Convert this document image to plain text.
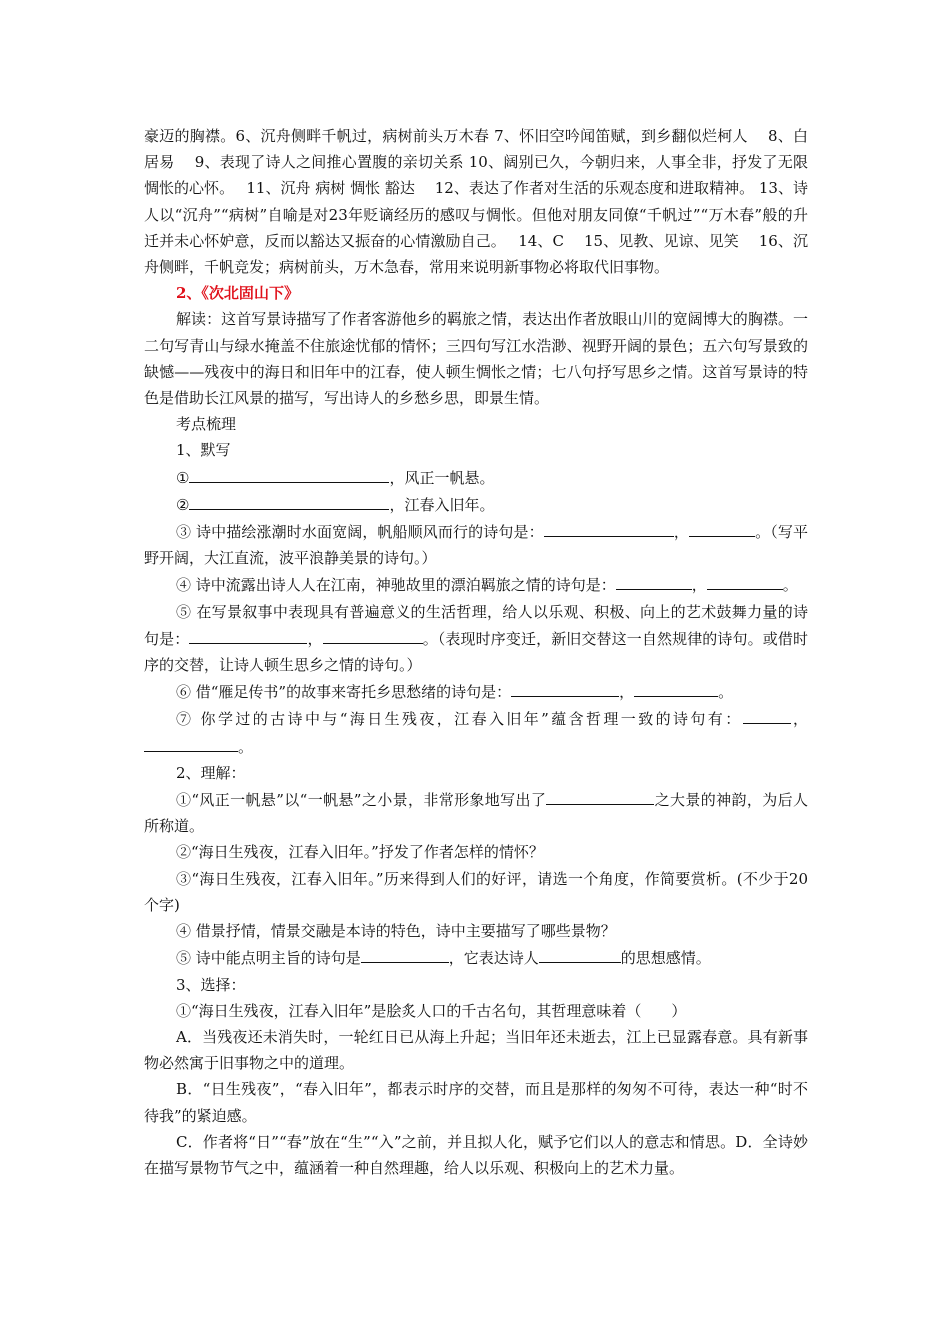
豪迈的胸襟。6、沉舟侧畔千帆过，病树前头万木春 7、怀旧空吟闻笛赋，到乡翻似烂柯人　 8、白居易　 9、表现了诗人之间推心置腹的亲切关系 10、阔别已久，今朝归来，人事全非，抒发了无限惆怅的心怀。　 11、沉舟 病树 惆怅 豁达　 12、表达了作者对生活的乐观态度和进取精神。 13、诗人以“沉舟”“病树”自喻是对23年贬谪经历的感叹与惆怅。但他对朋友同僚“千帆过”“万木春”般的升迁并未心怀妒意，反而以豁达又振奋的心情激励自己。　 14、C　 15、见教、见谅、见笑　 16、沉舟侧畔，千帆竞发；病树前头，万木急春，常用来说明新事物必将取代旧事物。

2、《次北固山下》

解读：这首写景诗描写了作者客游他乡的羁旅之情，表达出作者放眼山川的宽阔博大的胸襟。一二句写青山与绿水掩盖不住旅途忧郁的情怀；三四句写江水浩渺、视野开阔的景色；五六句写景致的缺憾——残夜中的海日和旧年中的江春，使人顿生惆怅之情；七八句抒写思乡之情。这首写景诗的特色是借助长江风景的描写，写出诗人的乡愁乡思，即景生情。

考点梳理

1、默写

①	，风正一帆悬。

②	，江春入旧年。

③ 诗中描绘涨潮时水面宽阔，帆船顺风而行的诗句是：	，	。（写平野开阔，大江直流，波平浪静美景的诗句。）

④ 诗中流露出诗人人在江南，神驰故里的漂泊羁旅之情的诗句是：	，	。

⑤ 在写景叙事中表现具有普遍意义的生活哲理，给人以乐观、积极、向上的艺术鼓舞力量的诗句是：	，	。（表现时序变迁，新旧交替这一自然规律的诗句。或借时序的交替，让诗人顿生思乡之情的诗句。）

⑥ 借“雁足传书”的故事来寄托乡思愁绪的诗句是：	，	。

⑦ 你学过的古诗中与“海日生残夜，江春入旧年”蕴含哲理一致的诗句有：	，。

2、理解：

①“风正一帆悬”以“一帆悬”之小景，非常形象地写出了	之大景的神韵，为后人所称道。

②“海日生残夜，江春入旧年。”抒发了作者怎样的情怀？

③“海日生残夜，江春入旧年。”历来得到人们的好评，请选一个角度，作简要赏析。(不少于20个字)

④ 借景抒情，情景交融是本诗的特色，诗中主要描写了哪些景物？

⑤ 诗中能点明主旨的诗句是	，它表达诗人	的思想感情。

3、选择：

①“海日生残夜，江春入旧年”是脍炙人口的千古名句，其哲理意味着（　　）

A．当残夜还未消失时，一轮红日已从海上升起；当旧年还未逝去，江上已显露春意。具有新事物必然寓于旧事物之中的道理。

B．“日生残夜”，“春入旧年”，都表示时序的交替，而且是那样的匆匆不可待，表达一种“时不待我”的紧迫感。

C．作者将“日”“春”放在“生”“入”之前，并且拟人化，赋予它们以人的意志和情思。D．全诗妙在描写景物节气之中，蕴涵着一种自然理趣，给人以乐观、积极向上的艺术力量。
